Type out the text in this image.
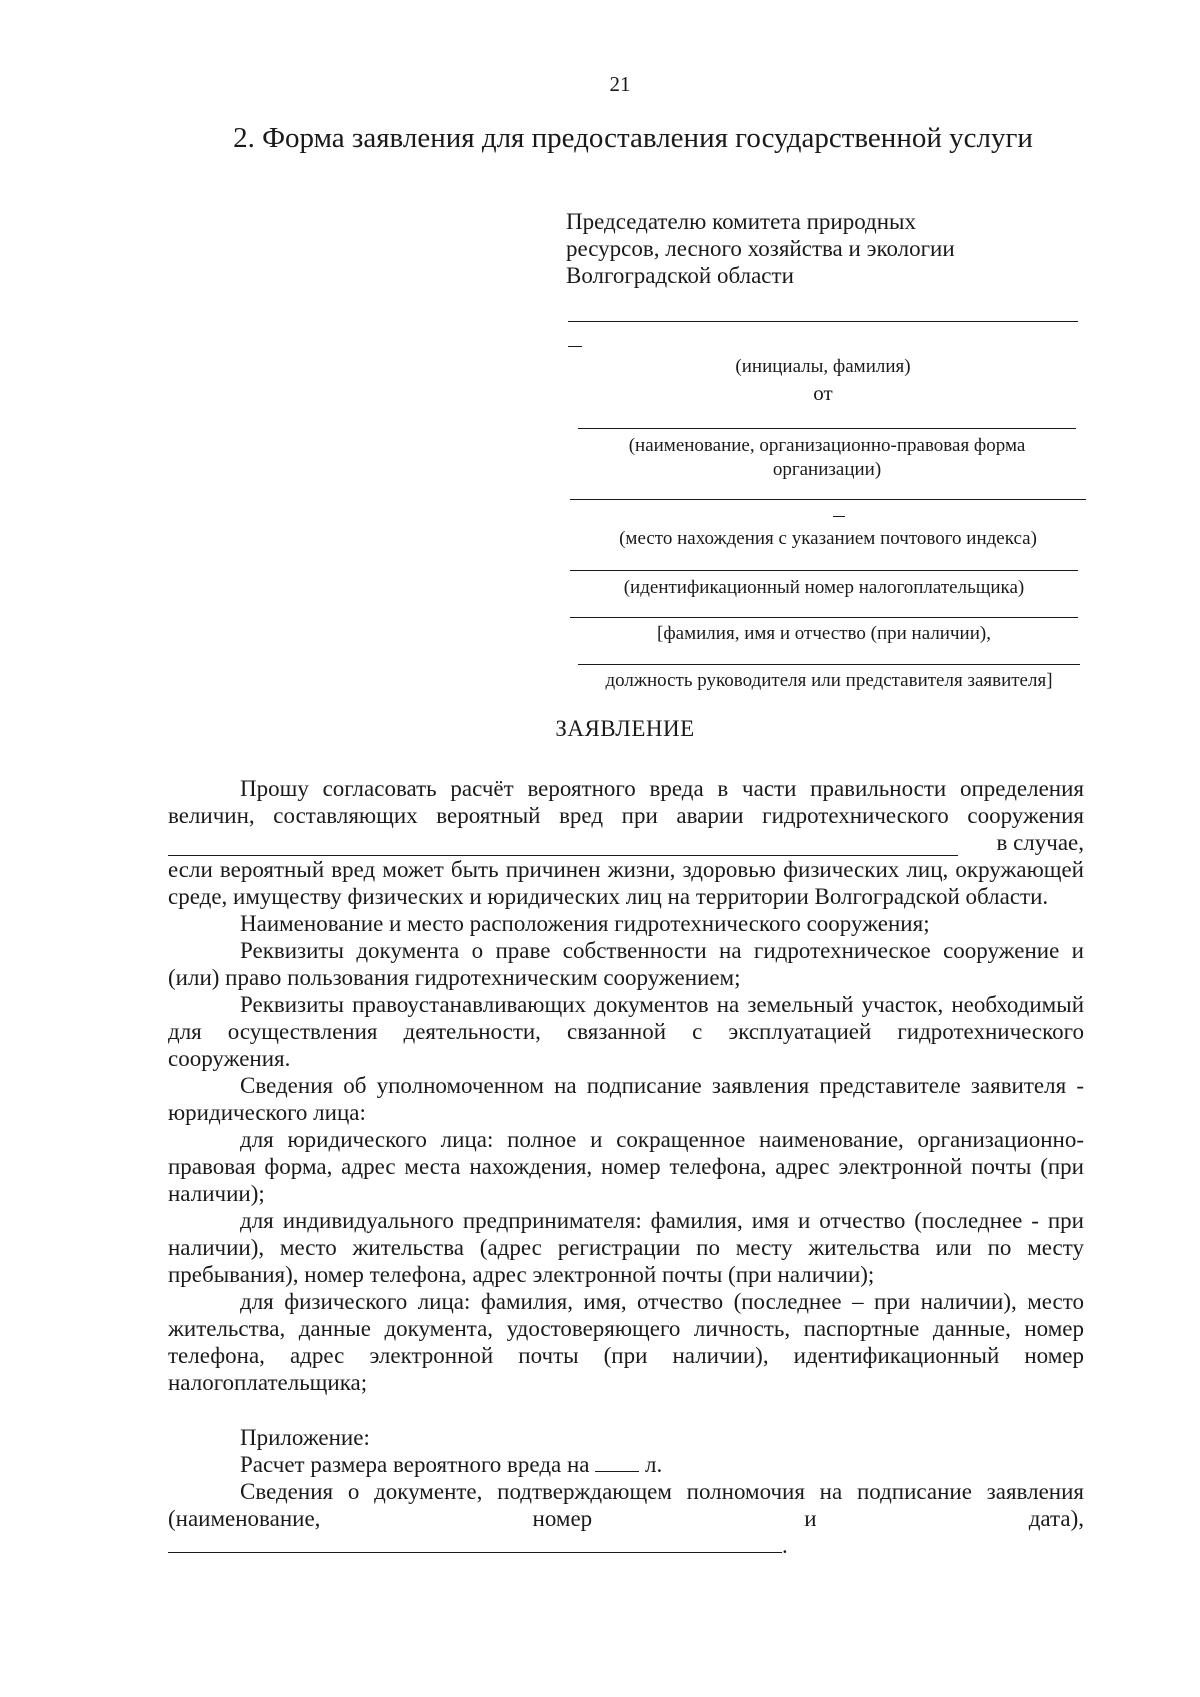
21
2. Форма заявления для предоставления государственной услуги
Председателю комитета природных
ресурсов, лесного хозяйства и экологии
Волгоградской области
(инициалы, фамилия)
от
(наименование, организационно-правовая форма
организации)
(место нахождения с указанием почтового индекса)
(идентификационный номер налогоплательщика)
[фамилия, имя и отчество (при наличии),
должность руководителя или представителя заявителя]
ЗАЯВЛЕНИЕ

Прошу согласовать расчёт вероятного вреда в части правильности определения величин, составляющих вероятный вред при аварии гидротехнического сооружения

в случае,

если вероятный вред может быть причинен жизни, здоровью физических лиц, окружающей среде, имуществу физических и юридических лиц на территории Волгоградской области.

Наименование и место расположения гидротехнического сооружения;

Реквизиты документа о праве собственности на гидротехническое сооружение и (или) право пользования гидротехническим сооружением;

Реквизиты правоустанавливающих документов на земельный участок, необходимый для осуществления деятельности, связанной с эксплуатацией гидротехнического сооружения.

Сведения об уполномоченном на подписание заявления представителе заявителя - юридического лица:

для юридического лица: полное и сокращенное наименование, организационно-правовая форма, адрес места нахождения, номер телефона, адрес электронной почты (при наличии);

для индивидуального предпринимателя: фамилия, имя и отчество (последнее - при наличии), место жительства (адрес регистрации по месту жительства или по месту пребывания), номер телефона, адрес электронной почты (при наличии);

для физического лица: фамилия, имя, отчество (последнее – при наличии), место жительства, данные документа, удостоверяющего личность, паспортные данные, номер телефона, адрес электронной почты (при наличии), идентификационный номер налогоплательщика;

Приложение:

Расчет размера вероятного вреда на л.

Сведения о документе, подтверждающем полномочия на подписание заявления

(наименование,	номер	и	дата),
.
